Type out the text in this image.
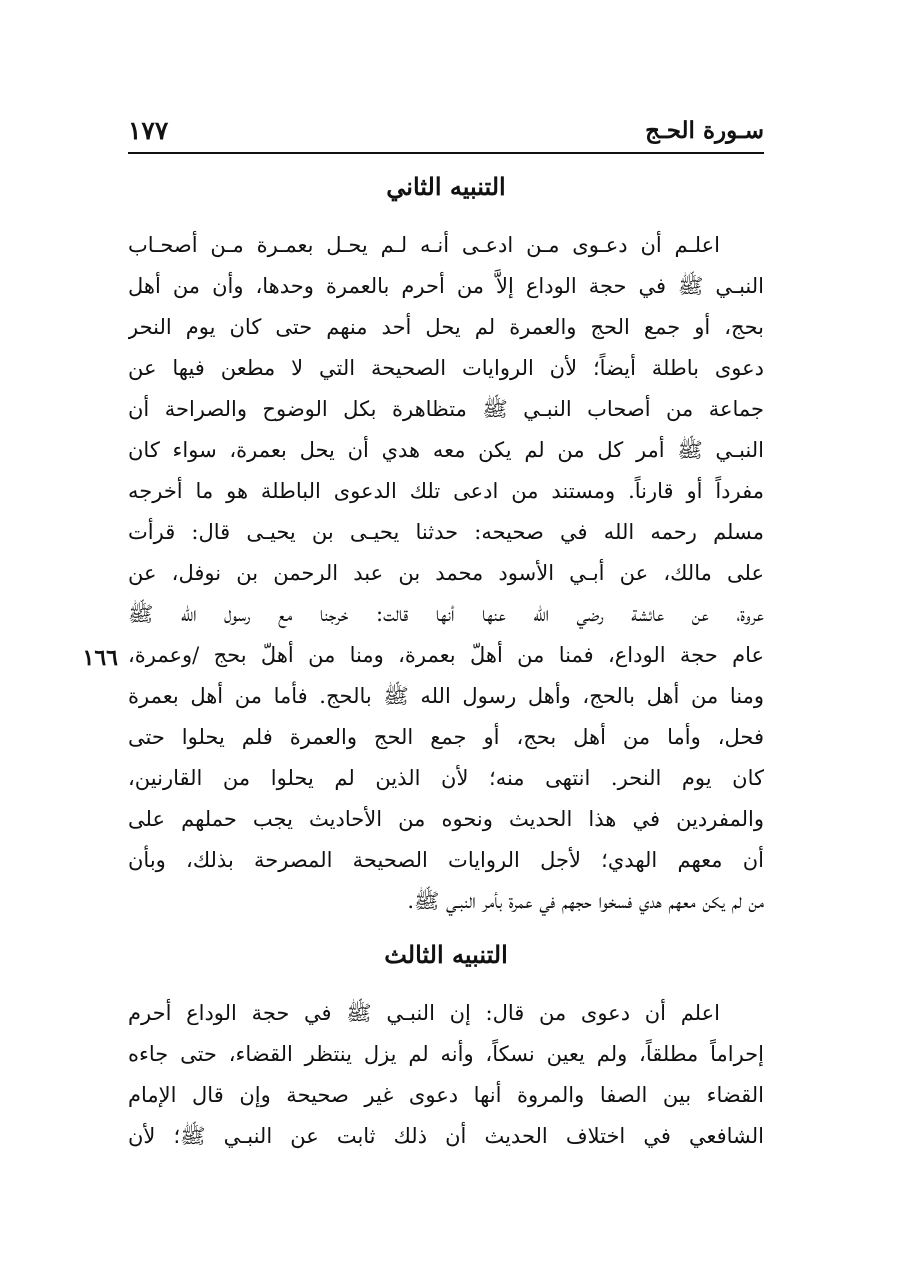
سـورة الحـج
١٧٧
التنبيه الثاني
اعلـم أن دعـوى مـن ادعـى أنـه لـم يحـل بعمـرة مـن أصحـاب
النبـي ﷺ في حجة الوداع إلاَّ من أحرم بالعمرة وحدها، وأن من أهل
بحج، أو جمع الحج والعمرة لم يحل أحد منهم حتى كان يوم النحر
دعوى باطلة أيضاً؛ لأن الروايات الصحيحة التي لا مطعن فيها عن
جماعة من أصحاب النبـي ﷺ متظاهرة بكل الوضوح والصراحة أن
النبـي ﷺ أمر كل من لم يكن معه هدي أن يحل بعمرة، سواء كان
مفرداً أو قارناً. ومستند من ادعى تلك الدعوى الباطلة هو ما أخرجه
مسلم رحمه الله في صحيحه: حدثنا يحيـى بن يحيـى قال: قرأت
على مالك، عن أبـي الأسود محمد بن عبد الرحمن بن نوفل، عن
عروة، عن عائشة رضي الله عنها أنها قالت: خرجنا مع رسول الله ﷺ
عام حجة الوداع، فمنا من أهلّ بعمرة، ومنا من أهلّ بحج /وعمرة،
١٦٦
ومنا من أهل بالحج، وأهل رسول الله ﷺ بالحج. فأما من أهل بعمرة
فحل، وأما من أهل بحج، أو جمع الحج والعمرة فلم يحلوا حتى
كان يوم النحر. انتهى منه؛ لأن الذين لم يحلوا من القارنين،
والمفردين في هذا الحديث ونحوه من الأحاديث يجب حملهم على
أن معهم الهدي؛ لأجل الروايات الصحيحة المصرحة بذلك، وبأن
من لم يكن معهم هدي فسخوا حجهم في عمرة بأمر النبـي ﷺ.
التنبيه الثالث
اعلم أن دعوى من قال: إن النبـي ﷺ في حجة الوداع أحرم
إحراماً مطلقاً، ولم يعين نسكاً، وأنه لم يزل ينتظر القضاء، حتى جاءه
القضاء بين الصفا والمروة أنها دعوى غير صحيحة وإن قال الإمام
الشافعي في اختلاف الحديث أن ذلك ثابت عن النبـي ﷺ؛ لأن
